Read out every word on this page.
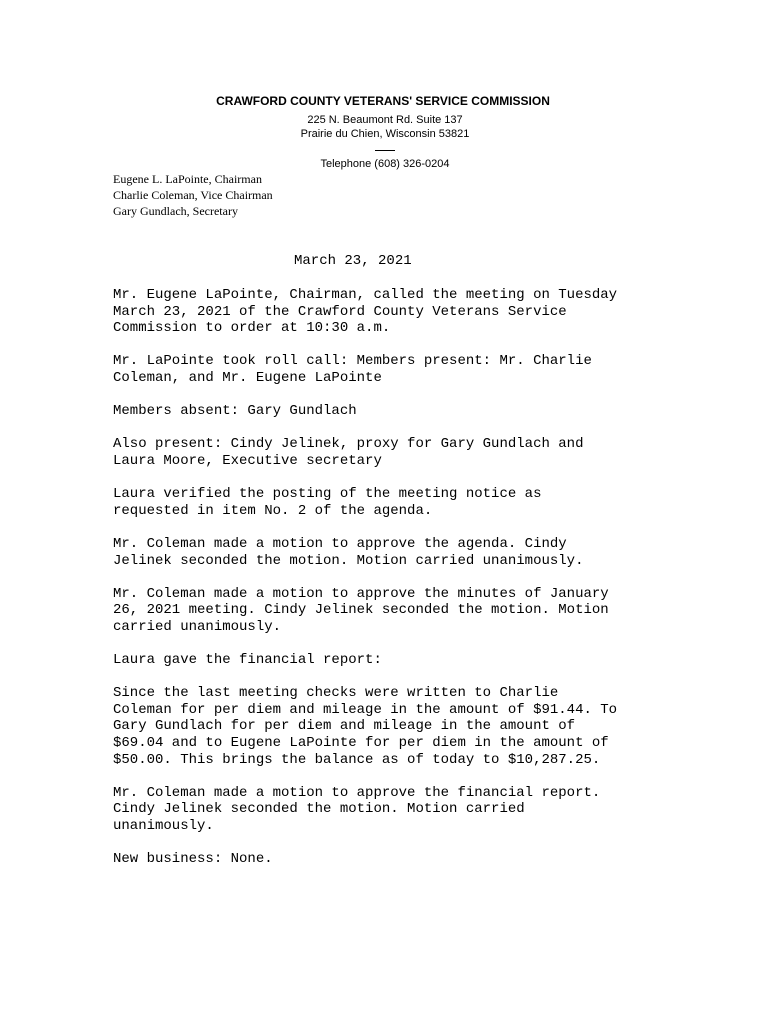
CRAWFORD COUNTY VETERANS' SERVICE COMMISSION

225 N. Beaumont Rd. Suite 137

Prairie du Chien, Wisconsin 53821

Telephone (608) 326-0204

Eugene L. LaPointe, Chairman
Charlie Coleman, Vice Chairman
Gary Gundlach, Secretary
March 23, 2021

Mr. Eugene LaPointe, Chairman, called the meeting on Tuesday
March 23, 2021 of the Crawford County Veterans Service
Commission to order at 10:30 a.m.

Mr. LaPointe took roll call: Members present: Mr. Charlie
Coleman, and Mr. Eugene LaPointe

Members absent: Gary Gundlach

Also present: Cindy Jelinek, proxy for Gary Gundlach and
Laura Moore, Executive secretary

Laura verified the posting of the meeting notice as
requested in item No. 2 of the agenda.

Mr. Coleman made a motion to approve the agenda. Cindy
Jelinek seconded the motion. Motion carried unanimously.

Mr. Coleman made a motion to approve the minutes of January
26, 2021 meeting. Cindy Jelinek seconded the motion. Motion
carried unanimously.

Laura gave the financial report:

Since the last meeting checks were written to Charlie
Coleman for per diem and mileage in the amount of $91.44. To
Gary Gundlach for per diem and mileage in the amount of
$69.04 and to Eugene LaPointe for per diem in the amount of
$50.00. This brings the balance as of today to $10,287.25.

Mr. Coleman made a motion to approve the financial report.
Cindy Jelinek seconded the motion. Motion carried
unanimously.

New business: None.
